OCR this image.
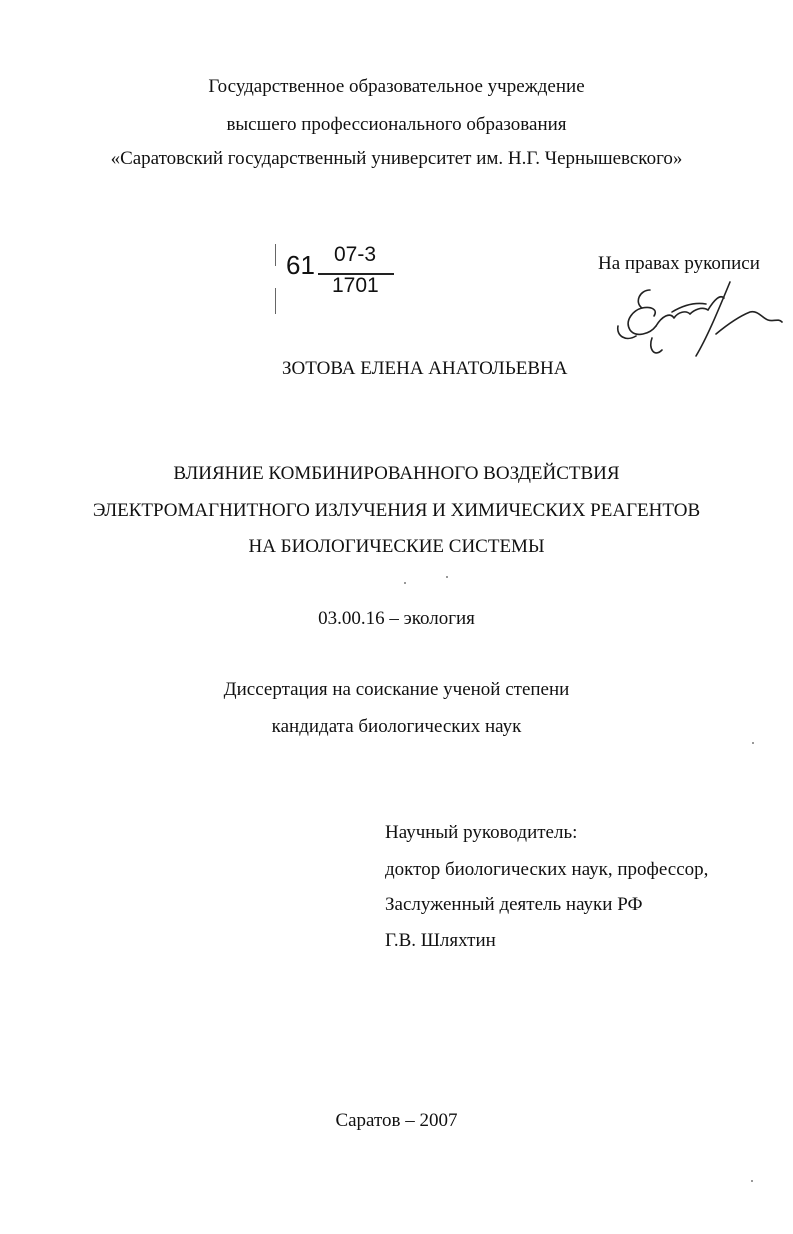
Государственное образовательное учреждение
высшего профессионального образования
«Саратовский государственный университет им. Н.Г. Чернышевского»
61 07-3
1701
На правах рукописи
ЗОТОВА ЕЛЕНА АНАТОЛЬЕВНА
ВЛИЯНИЕ КОМБИНИРОВАННОГО ВОЗДЕЙСТВИЯ
ЭЛЕКТРОМАГНИТНОГО ИЗЛУЧЕНИЯ И ХИМИЧЕСКИХ РЕАГЕНТОВ
НА БИОЛОГИЧЕСКИЕ СИСТЕМЫ
03.00.16 – экология
Диссертация на соискание ученой степени
кандидата биологических наук
Научный руководитель:
доктор биологических наук, профессор,
Заслуженный деятель науки РФ
Г.В. Шляхтин
Саратов – 2007
